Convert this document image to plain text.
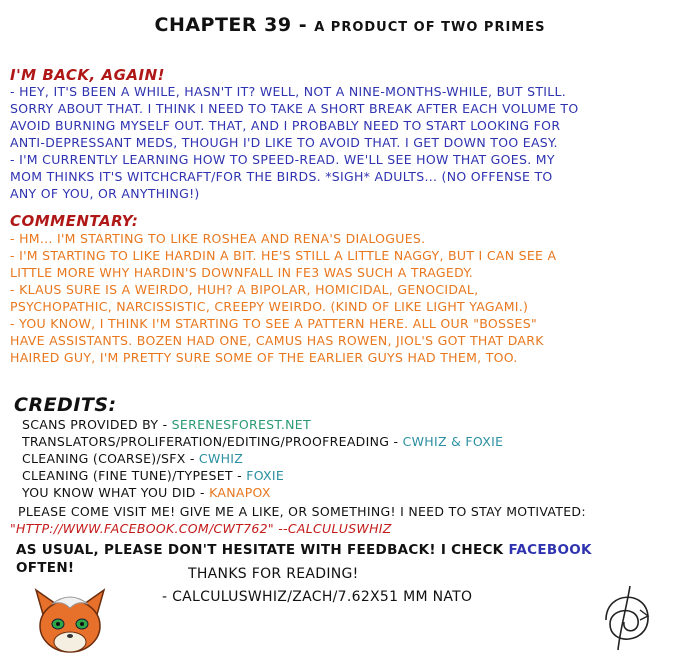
CHAPTER 39 - A PRODUCT OF TWO PRIMES
I'M BACK, AGAIN!
- HEY, IT'S BEEN A WHILE, HASN'T IT? WELL, NOT A NINE-MONTHS-WHILE, BUT STILL.
SORRY ABOUT THAT. I THINK I NEED TO TAKE A SHORT BREAK AFTER EACH VOLUME TO
AVOID BURNING MYSELF OUT. THAT, AND I PROBABLY NEED TO START LOOKING FOR
ANTI-DEPRESSANT MEDS, THOUGH I'D LIKE TO AVOID THAT. I GET DOWN TOO EASY.
- I'M CURRENTLY LEARNING HOW TO SPEED-READ. WE'LL SEE HOW THAT GOES. MY
MOM THINKS IT'S WITCHCRAFT/FOR THE BIRDS. *SIGH* ADULTS... (NO OFFENSE TO
ANY OF YOU, OR ANYTHING!)
COMMENTARY:
- HM... I'M STARTING TO LIKE ROSHEA AND RENA'S DIALOGUES.
- I'M STARTING TO LIKE HARDIN A BIT. HE'S STILL A LITTLE NAGGY, BUT I CAN SEE A
LITTLE MORE WHY HARDIN'S DOWNFALL IN FE3 WAS SUCH A TRAGEDY.
- KLAUS SURE IS A WEIRDO, HUH? A BIPOLAR, HOMICIDAL, GENOCIDAL,
PSYCHOPATHIC, NARCISSISTIC, CREEPY WEIRDO. (KIND OF LIKE LIGHT YAGAMI.)
- YOU KNOW, I THINK I'M STARTING TO SEE A PATTERN HERE. ALL OUR "BOSSES"
HAVE ASSISTANTS. BOZEN HAD ONE, CAMUS HAS ROWEN, JIOL'S GOT THAT DARK
HAIRED GUY, I'M PRETTY SURE SOME OF THE EARLIER GUYS HAD THEM, TOO.
CREDITS:
SCANS PROVIDED BY - SERENESFOREST.NET
TRANSLATORS/PROLIFERATION/EDITING/PROOFREADING - CWHIZ & FOXIE
CLEANING (COARSE)/SFX - CWHIZ
CLEANING (FINE TUNE)/TYPESET - FOXIE
YOU KNOW WHAT YOU DID - KANAPOX
PLEASE COME VISIT ME! GIVE ME A LIKE, OR SOMETHING! I NEED TO STAY MOTIVATED:
"HTTP://WWW.FACEBOOK.COM/CWT762" --CALCULUSWHIZ
AS USUAL, PLEASE DON'T HESITATE WITH FEEDBACK! I CHECK FACEBOOK
OFTEN!	THANKS FOR READING!
- CALCULUSWHIZ/ZACH/7.62X51 MM NATO
